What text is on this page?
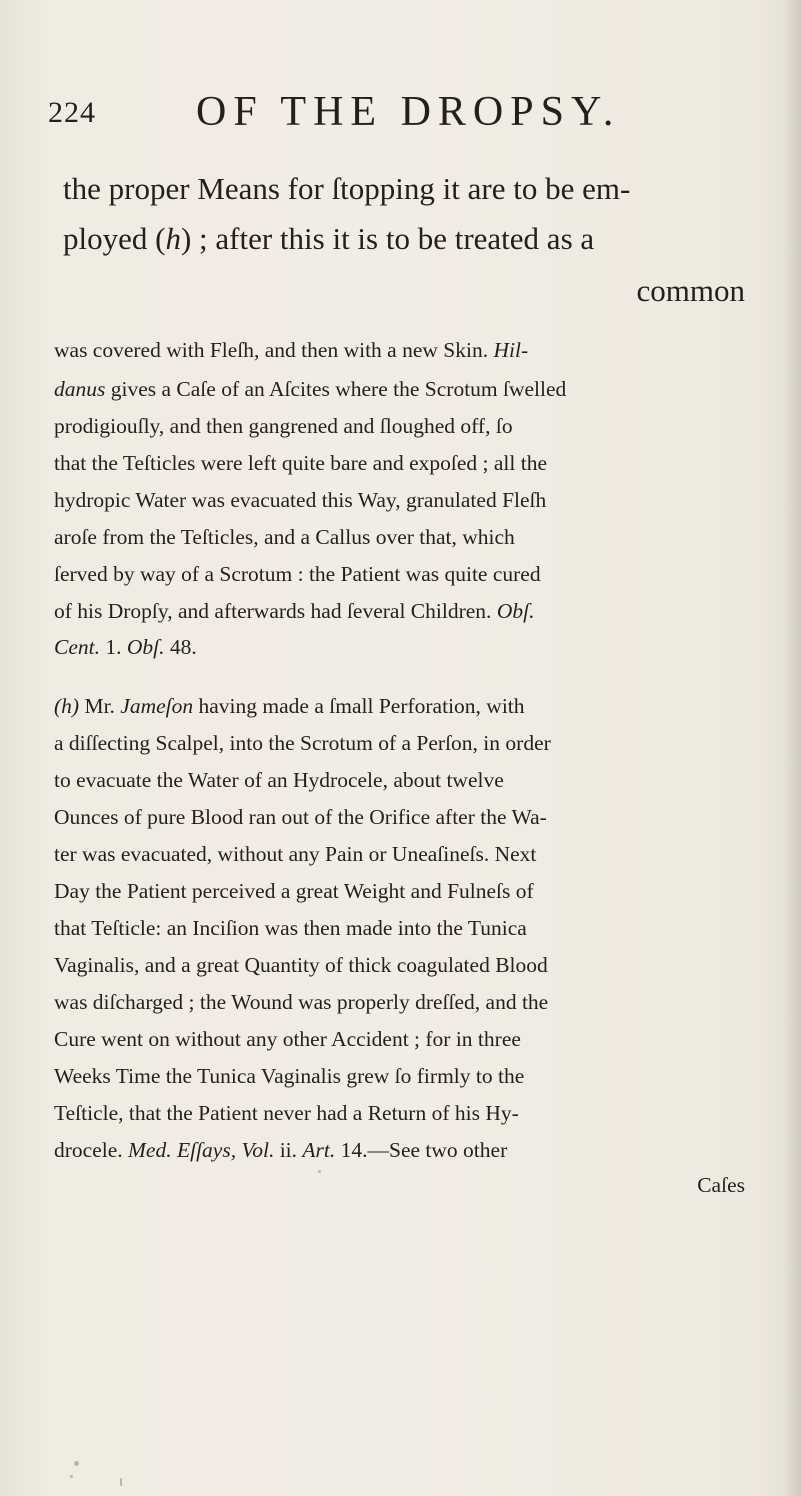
224 OF THE DROPSY.
the proper Means for ſtopping it are to be em-
ployed (h) ; after this it is to be treated as a
common
was covered with Fleſh, and then with a new Skin. Hil-
danus gives a Caſe of an Aſcites where the Scrotum ſwelled
prodigiouſly, and then gangrened and ſloughed off, ſo
that the Teſticles were left quite bare and expoſed ; all the
hydropic Water was evacuated this Way, granulated Fleſh
aroſe from the Teſticles, and a Callus over that, which
ſerved by way of a Scrotum : the Patient was quite cured
of his Dropſy, and afterwards had ſeveral Children. Obſ.
Cent. 1. Obſ. 48.
(h) Mr. Jameſon having made a ſmall Perforation, with
a diſſecting Scalpel, into the Scrotum of a Perſon, in order
to evacuate the Water of an Hydrocele, about twelve
Ounces of pure Blood ran out of the Orifice after the Wa-
ter was evacuated, without any Pain or Uneaſineſs. Next
Day the Patient perceived a great Weight and Fulneſs of
that Teſticle: an Inciſion was then made into the Tunica
Vaginalis, and a great Quantity of thick coagulated Blood
was diſcharged ; the Wound was properly dreſſed, and the
Cure went on without any other Accident ; for in three
Weeks Time the Tunica Vaginalis grew ſo firmly to the
Teſticle, that the Patient never had a Return of his Hy-
drocele. Med. Eſſays, Vol. ii. Art. 14.—See two other
Caſes
